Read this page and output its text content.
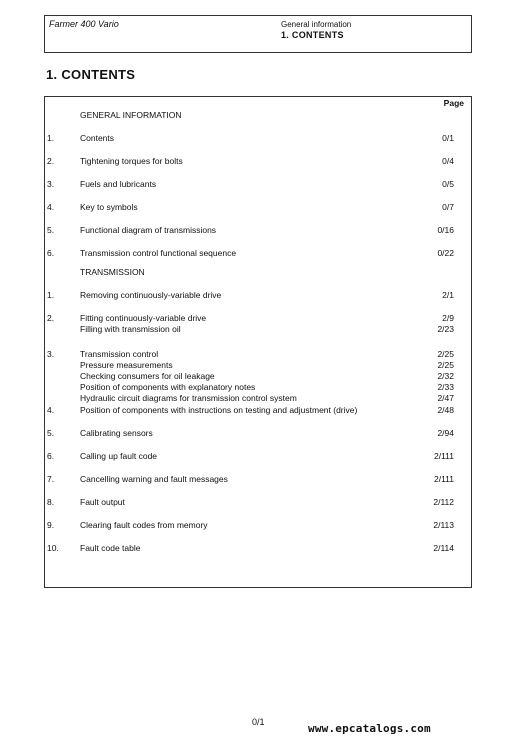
Farmer 400 Vario	General information
1. CONTENTS
1. CONTENTS
Page
GENERAL INFORMATION
1.	Contents	0/1
2.	Tightening torques for bolts	0/4
3.	Fuels and lubricants	0/5
4.	Key to symbols	0/7
5.	Functional diagram of transmissions	0/16
6.	Transmission control functional sequence	0/22
TRANSMISSION
1.	Removing continuously-variable drive	2/1
2.	Fitting continuously-variable drive	2/9
Filling with transmission oil	2/23
3.	Transmission control	2/25
Pressure measurements	2/25
Checking consumers for oil leakage	2/32
Position of components with explanatory notes	2/33
Hydraulic circuit diagrams for transmission control system	2/47
4.	Position of components with instructions on testing and adjustment (drive)	2/48
5.	Calibrating sensors	2/94
6.	Calling up fault code	2/111
7.	Cancelling warning and fault messages	2/111
8.	Fault output	2/112
9.	Clearing fault codes from memory	2/113
10. Fault code table	2/114
0/1	www.epcatalogs.com
